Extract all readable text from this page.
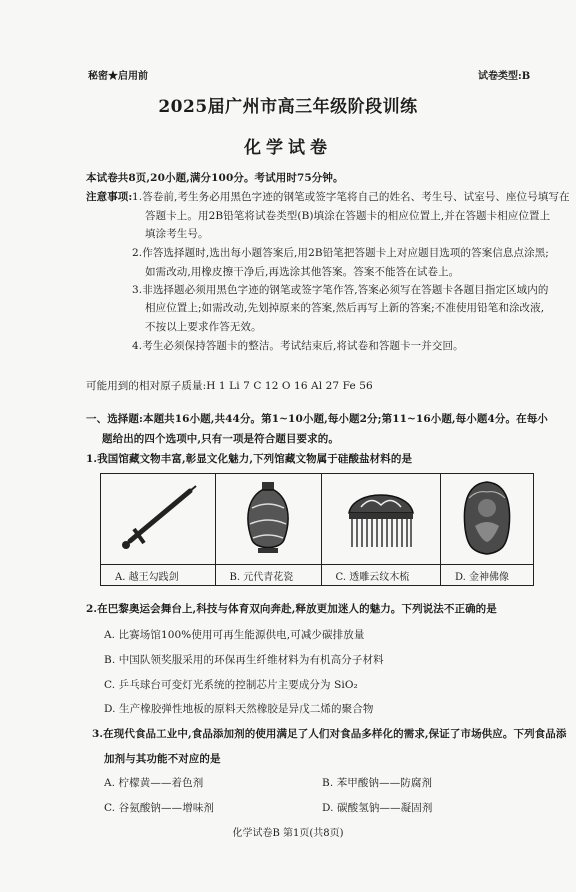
秘密★启用前	试卷类型:B
2025届广州市高三年级阶段训练
化学试卷
本试卷共8页,20小题,满分100分。考试用时75分钟。
注意事项: 1.答卷前,考生务必用黑色字迹的钢笔或签字笔将自己的姓名、考生号、试室号、座位号填写在
答题卡上。用2B铅笔将试卷类型(B)填涂在答题卡的相应位置上,并在答题卡相应位置上
填涂考生号。
2.作答选择题时,选出每小题答案后,用2B铅笔把答题卡上对应题目选项的答案信息点涂黑;
如需改动,用橡皮擦干净后,再选涂其他答案。答案不能答在试卷上。
3.非选择题必须用黑色字迹的钢笔或签字笔作答,答案必须写在答题卡各题目指定区域内的
相应位置上;如需改动,先划掉原来的答案,然后再写上新的答案;不准使用铅笔和涂改液,
不按以上要求作答无效。
4.考生必须保持答题卡的整洁。考试结束后,将试卷和答题卡一并交回。
可能用到的相对原子质量:H 1 Li 7 C 12 O 16 Al 27 Fe 56
一、选择题:本题共16小题,共44分。第1~10小题,每小题2分;第11~16小题,每小题4分。在每小
题给出的四个选项中,只有一项是符合题目要求的。
1.我国馆藏文物丰富,彰显文化魅力,下列馆藏文物属于硅酸盐材料的是

A. 越王勾践剑	B. 元代青花瓷	C. 透雕云纹木梳	D. 金神佛像
2.在巴黎奥运会舞台上,科技与体育双向奔赴,释放更加迷人的魅力。下列说法不正确的是
A. 比赛场馆100%使用可再生能源供电,可减少碳排放量
B. 中国队领奖服采用的环保再生纤维材料为有机高分子材料
C. 乒乓球台可变灯光系统的控制芯片主要成分为 SiO₂
D. 生产橡胶弹性地板的原料天然橡胶是异戊二烯的聚合物
3.在现代食品工业中,食品添加剂的使用满足了人们对食品多样化的需求,保证了市场供应。下列食品添
加剂与其功能不对应的是
A. 柠檬黄——着色剂	B. 苯甲酸钠——防腐剂
C. 谷氨酸钠——增味剂	D. 碳酸氢钠——凝固剂
化学试卷B 第1页(共8页)
